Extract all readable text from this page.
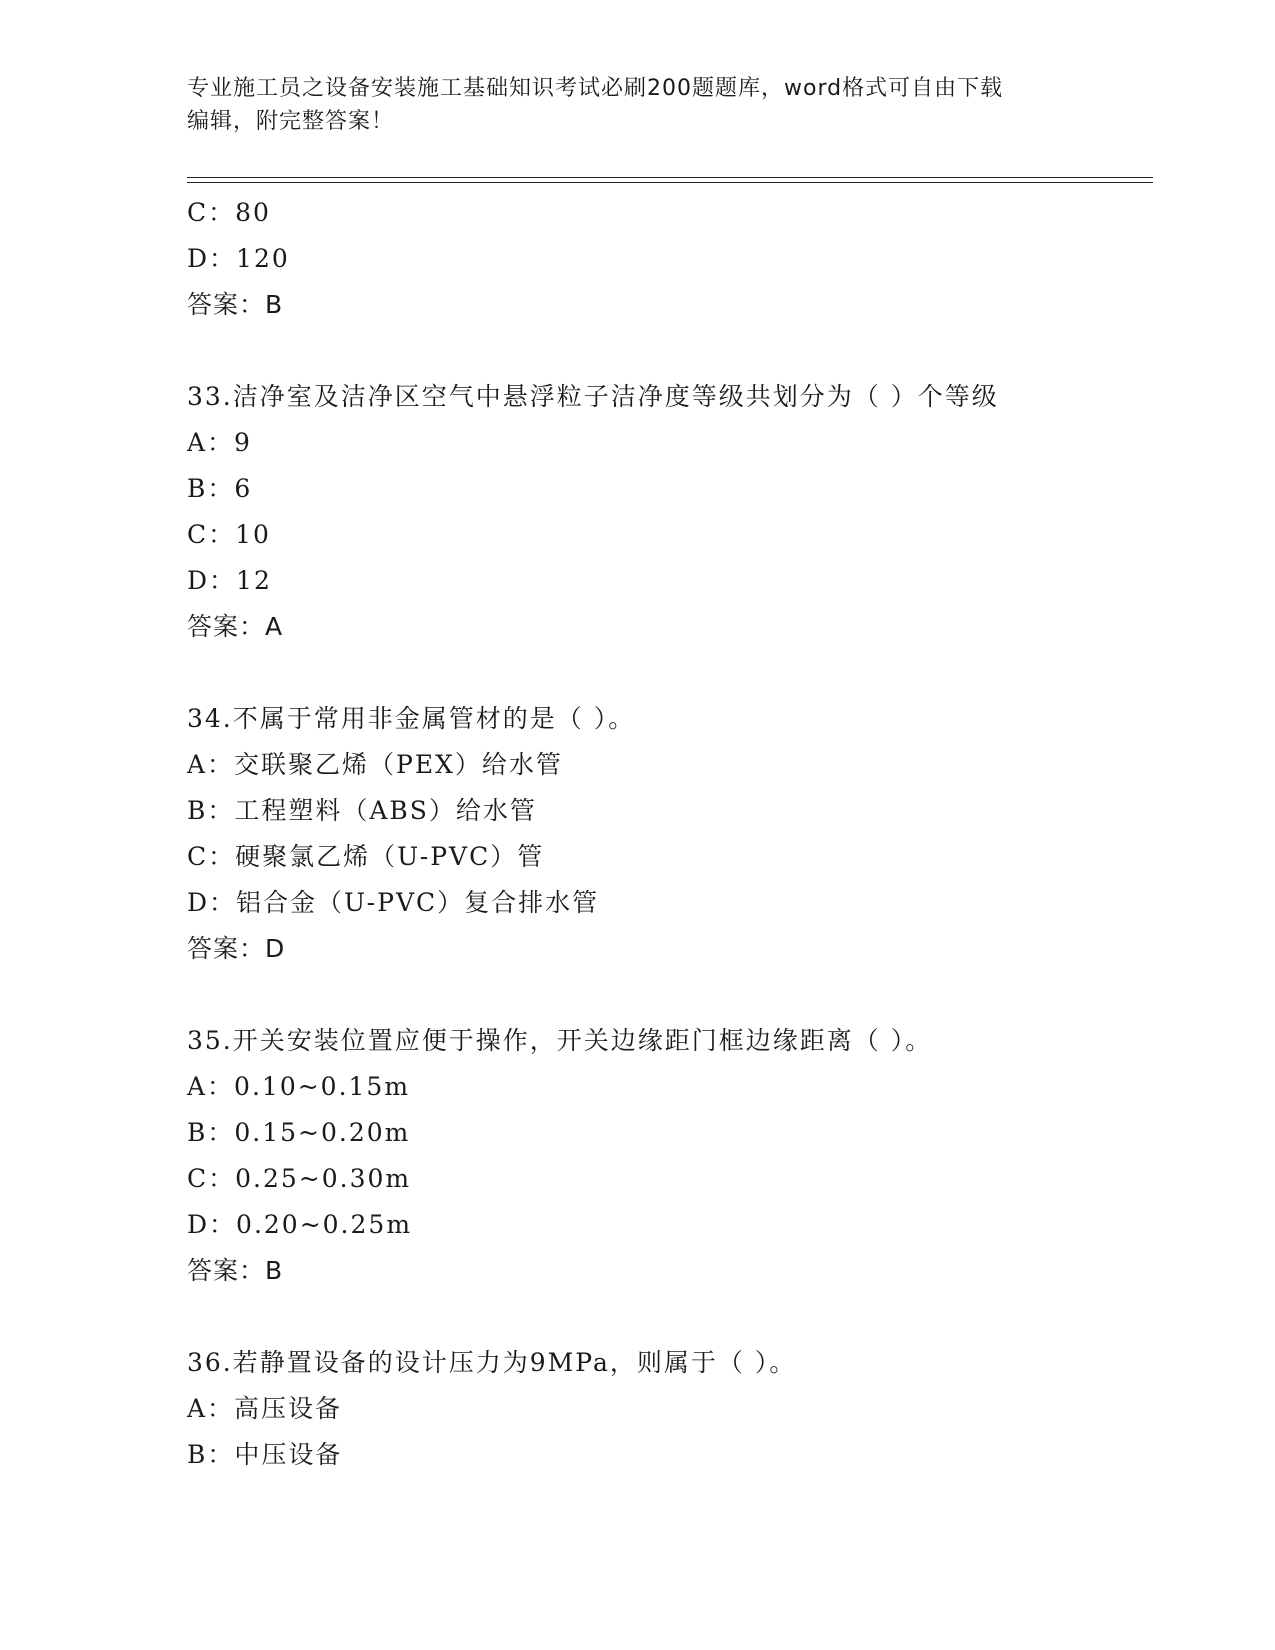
专业施工员之设备安装施工基础知识考试必刷200题题库，word格式可自由下载
编辑，附完整答案！
C：80
D：120
答案：B
33.洁净室及洁净区空气中悬浮粒子洁净度等级共划分为（ ）个等级
A：9
B：6
C：10
D：12
答案：A
34.不属于常用非金属管材的是（ ）。
A：交联聚乙烯（PEX）给水管
B：工程塑料（ABS）给水管
C：硬聚氯乙烯（U-PVC）管
D：铝合金（U-PVC）复合排水管
答案：D
35.开关安装位置应便于操作，开关边缘距门框边缘距离（ ）。
A：0.10~0.15m
B：0.15~0.20m
C：0.25~0.30m
D：0.20~0.25m
答案：B
36.若静置设备的设计压力为9MPa，则属于（ ）。
A：高压设备
B：中压设备
